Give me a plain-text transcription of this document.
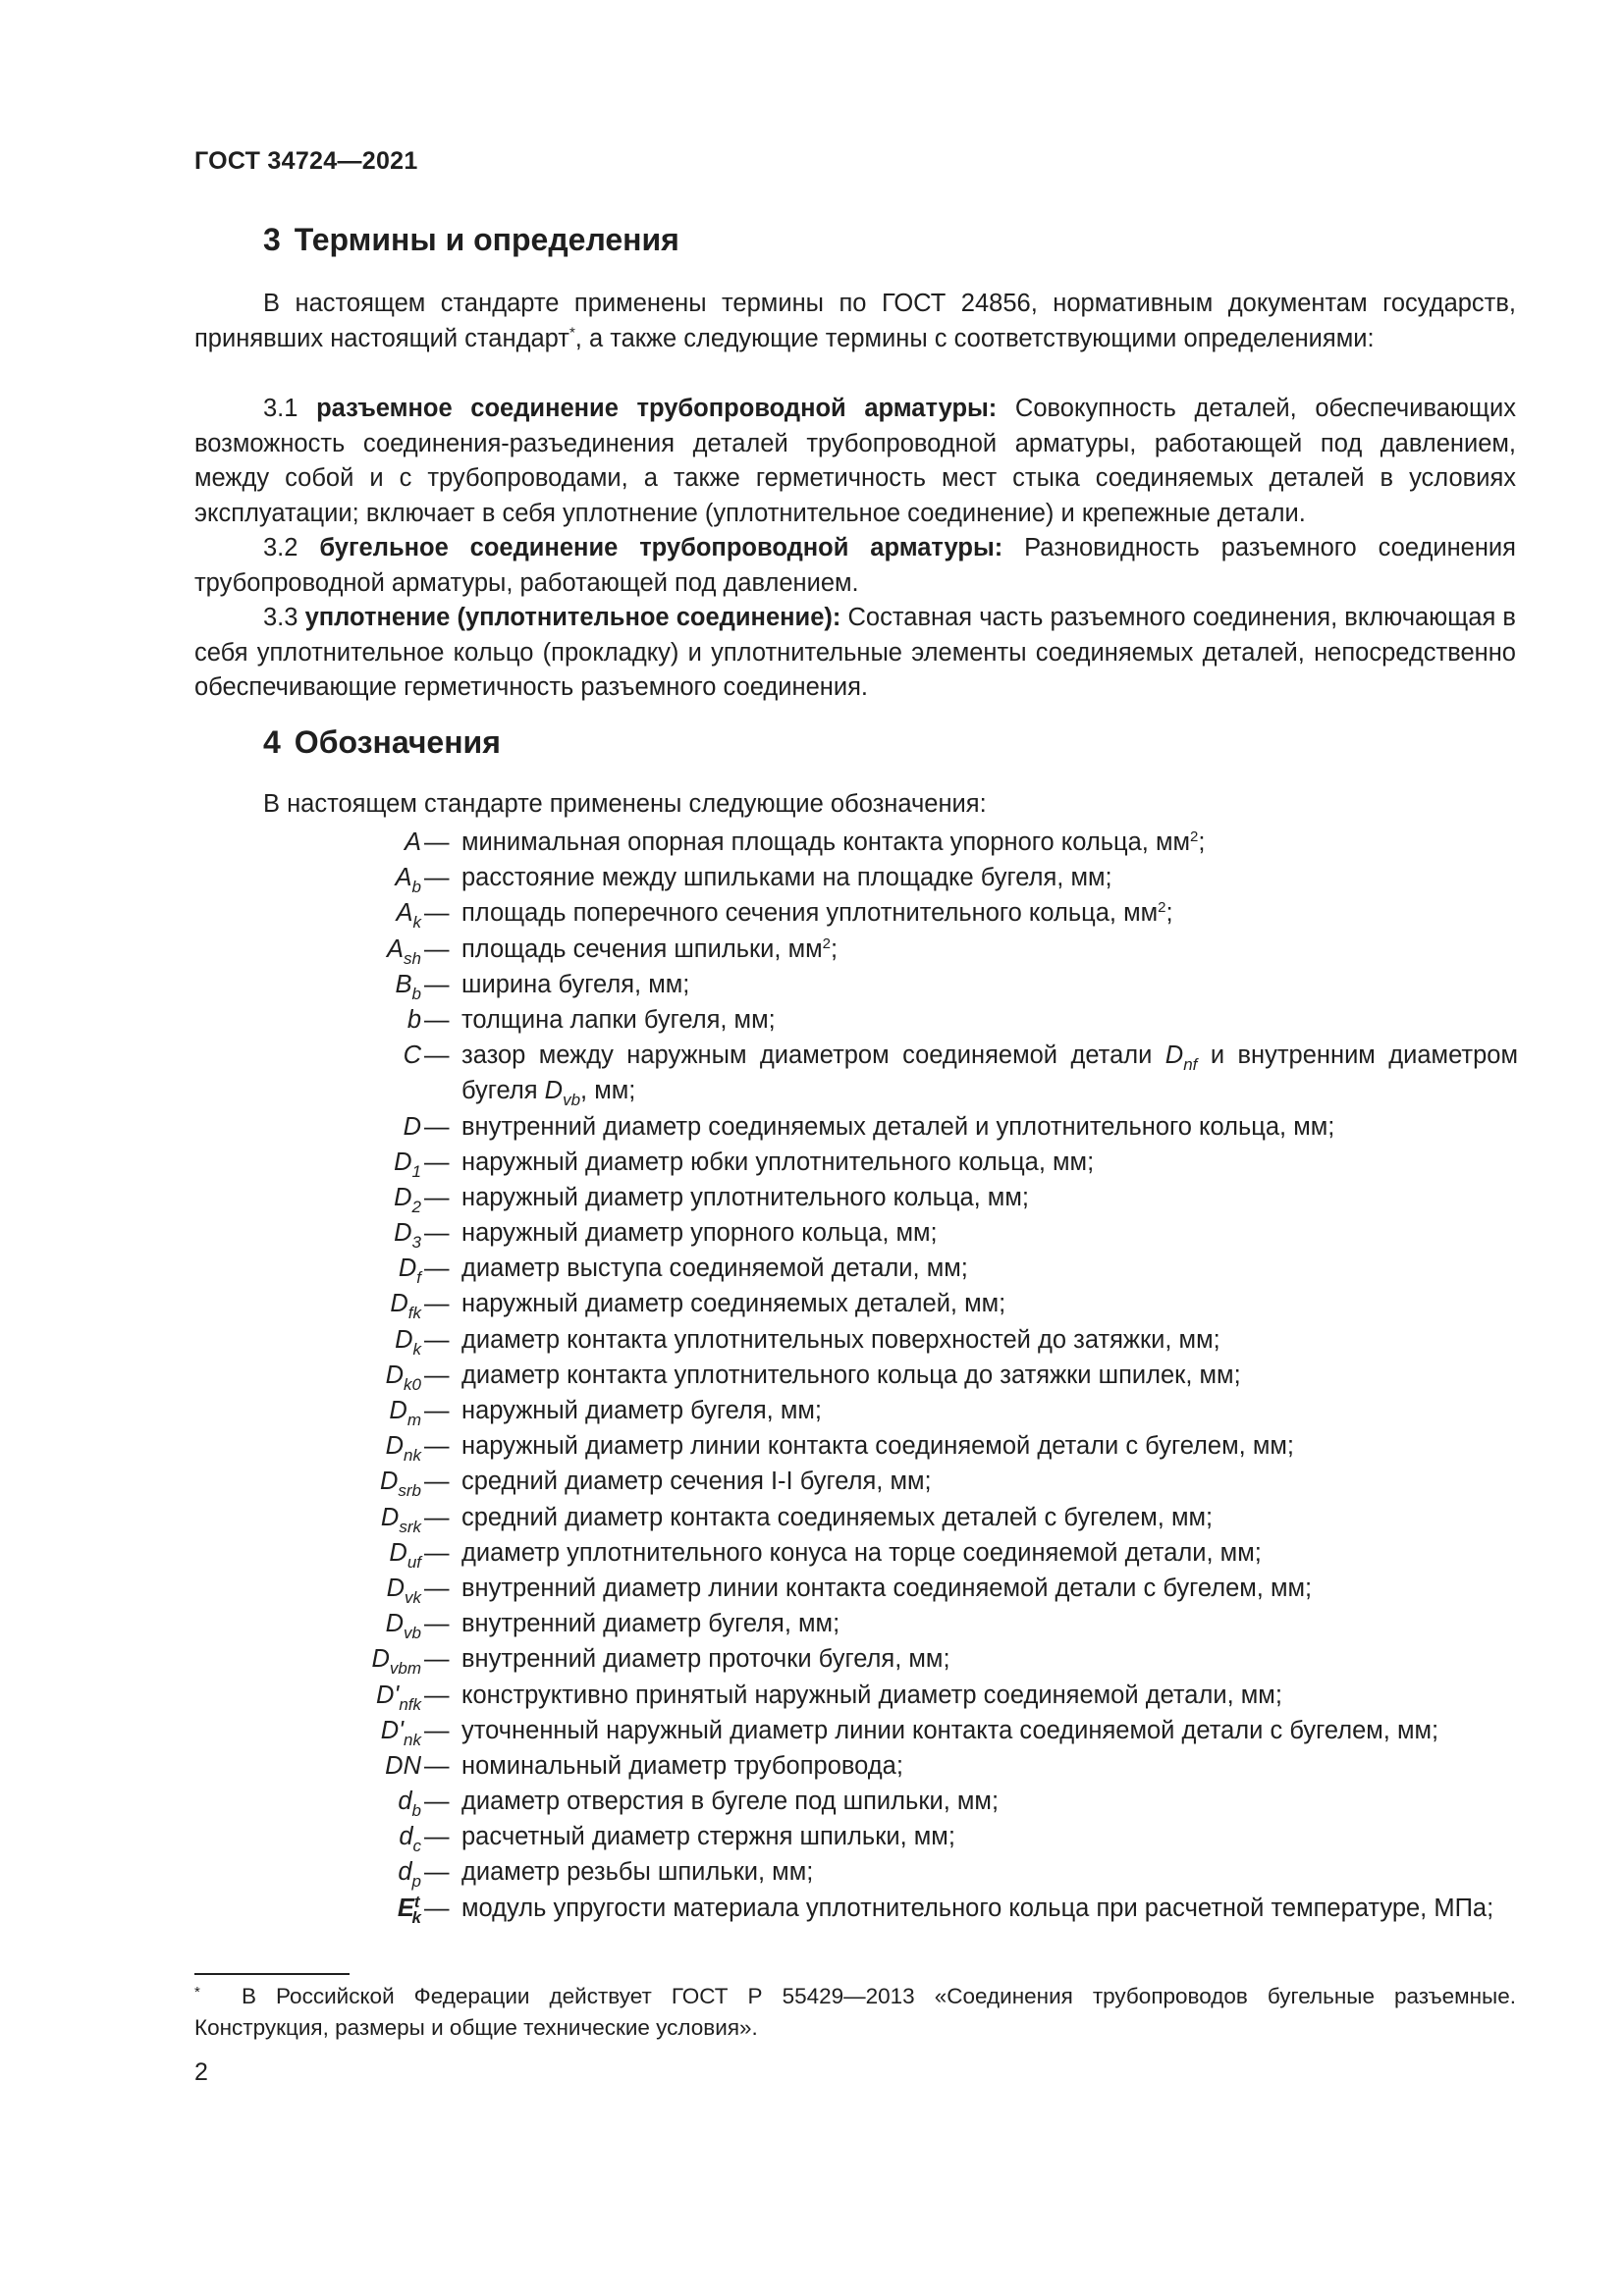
ГОСТ 34724—2021
3 Термины и определения
В настоящем стандарте применены термины по ГОСТ 24856, нормативным документам государств, принявших настоящий стандарт*, а также следующие термины с соответствующими определениями:
3.1 разъемное соединение трубопроводной арматуры: Совокупность деталей, обеспечивающих возможность соединения-разъединения деталей трубопроводной арматуры, работающей под давлением, между собой и с трубопроводами, а также герметичность мест стыка соединяемых деталей в условиях эксплуатации; включает в себя уплотнение (уплотнительное соединение) и крепежные детали.
3.2 бугельное соединение трубопроводной арматуры: Разновидность разъемного соединения трубопроводной арматуры, работающей под давлением.
3.3 уплотнение (уплотнительное соединение): Составная часть разъемного соединения, включающая в себя уплотнительное кольцо (прокладку) и уплотнительные элементы соединяемых деталей, непосредственно обеспечивающие герметичность разъемного соединения.
4 Обозначения
В настоящем стандарте применены следующие обозначения:
A — минимальная опорная площадь контакта упорного кольца, $мм^2$;
$A_b$ — расстояние между шпильками на площадке бугеля, мм;
$A_k$ — площадь поперечного сечения уплотнительного кольца, $мм^2$;
$A_{sh}$ — площадь сечения шпильки, $мм^2$;
$B_b$ — ширина бугеля, мм;
b — толщина лапки бугеля, мм;
C — зазор между наружным диаметром соединяемой детали $D_{nf}$ и внутренним диаметром бугеля $D_{vb}$, мм;
D — внутренний диаметр соединяемых деталей и уплотнительного кольца, мм;
$D_1$ — наружный диаметр юбки уплотнительного кольца, мм;
$D_2$ — наружный диаметр уплотнительного кольца, мм;
$D_3$ — наружный диаметр упорного кольца, мм;
$D_f$ — диаметр выступа соединяемой детали, мм;
$D_{fk}$ — наружный диаметр соединяемых деталей, мм;
$D_k$ — диаметр контакта уплотнительных поверхностей до затяжки, мм;
$D_{k0}$ — диаметр контакта уплотнительного кольца до затяжки шпилек, мм;
$D_m$ — наружный диаметр бугеля, мм;
$D_{nk}$ — наружный диаметр линии контакта соединяемой детали с бугелем, мм;
$D_{srb}$ — средний диаметр сечения I-I бугеля, мм;
$D_{srk}$ — средний диаметр контакта соединяемых деталей с бугелем, мм;
$D_{uf}$ — диаметр уплотнительного конуса на торце соединяемой детали, мм;
$D_{vk}$ — внутренний диаметр линии контакта соединяемой детали с бугелем, мм;
$D_{vb}$ — внутренний диаметр бугеля, мм;
$D_{vbm}$ — внутренний диаметр проточки бугеля, мм;
$D'_{nfk}$ — конструктивно принятый наружный диаметр соединяемой детали, мм;
$D'_{nk}$ — уточненный наружный диаметр линии контакта соединяемой детали с бугелем, мм;
DN — номинальный диаметр трубопровода;
$d_b$ — диаметр отверстия в бугеле под шпильки, мм;
$d_c$ — расчетный диаметр стержня шпильки, мм;
$d_p$ — диаметр резьбы шпильки, мм;
$E^t_k$ — модуль упругости материала уплотнительного кольца при расчетной температуре, МПа;
* В Российской Федерации действует ГОСТ Р 55429—2013 «Соединения трубопроводов бугельные разъемные. Конструкция, размеры и общие технические условия».
2
